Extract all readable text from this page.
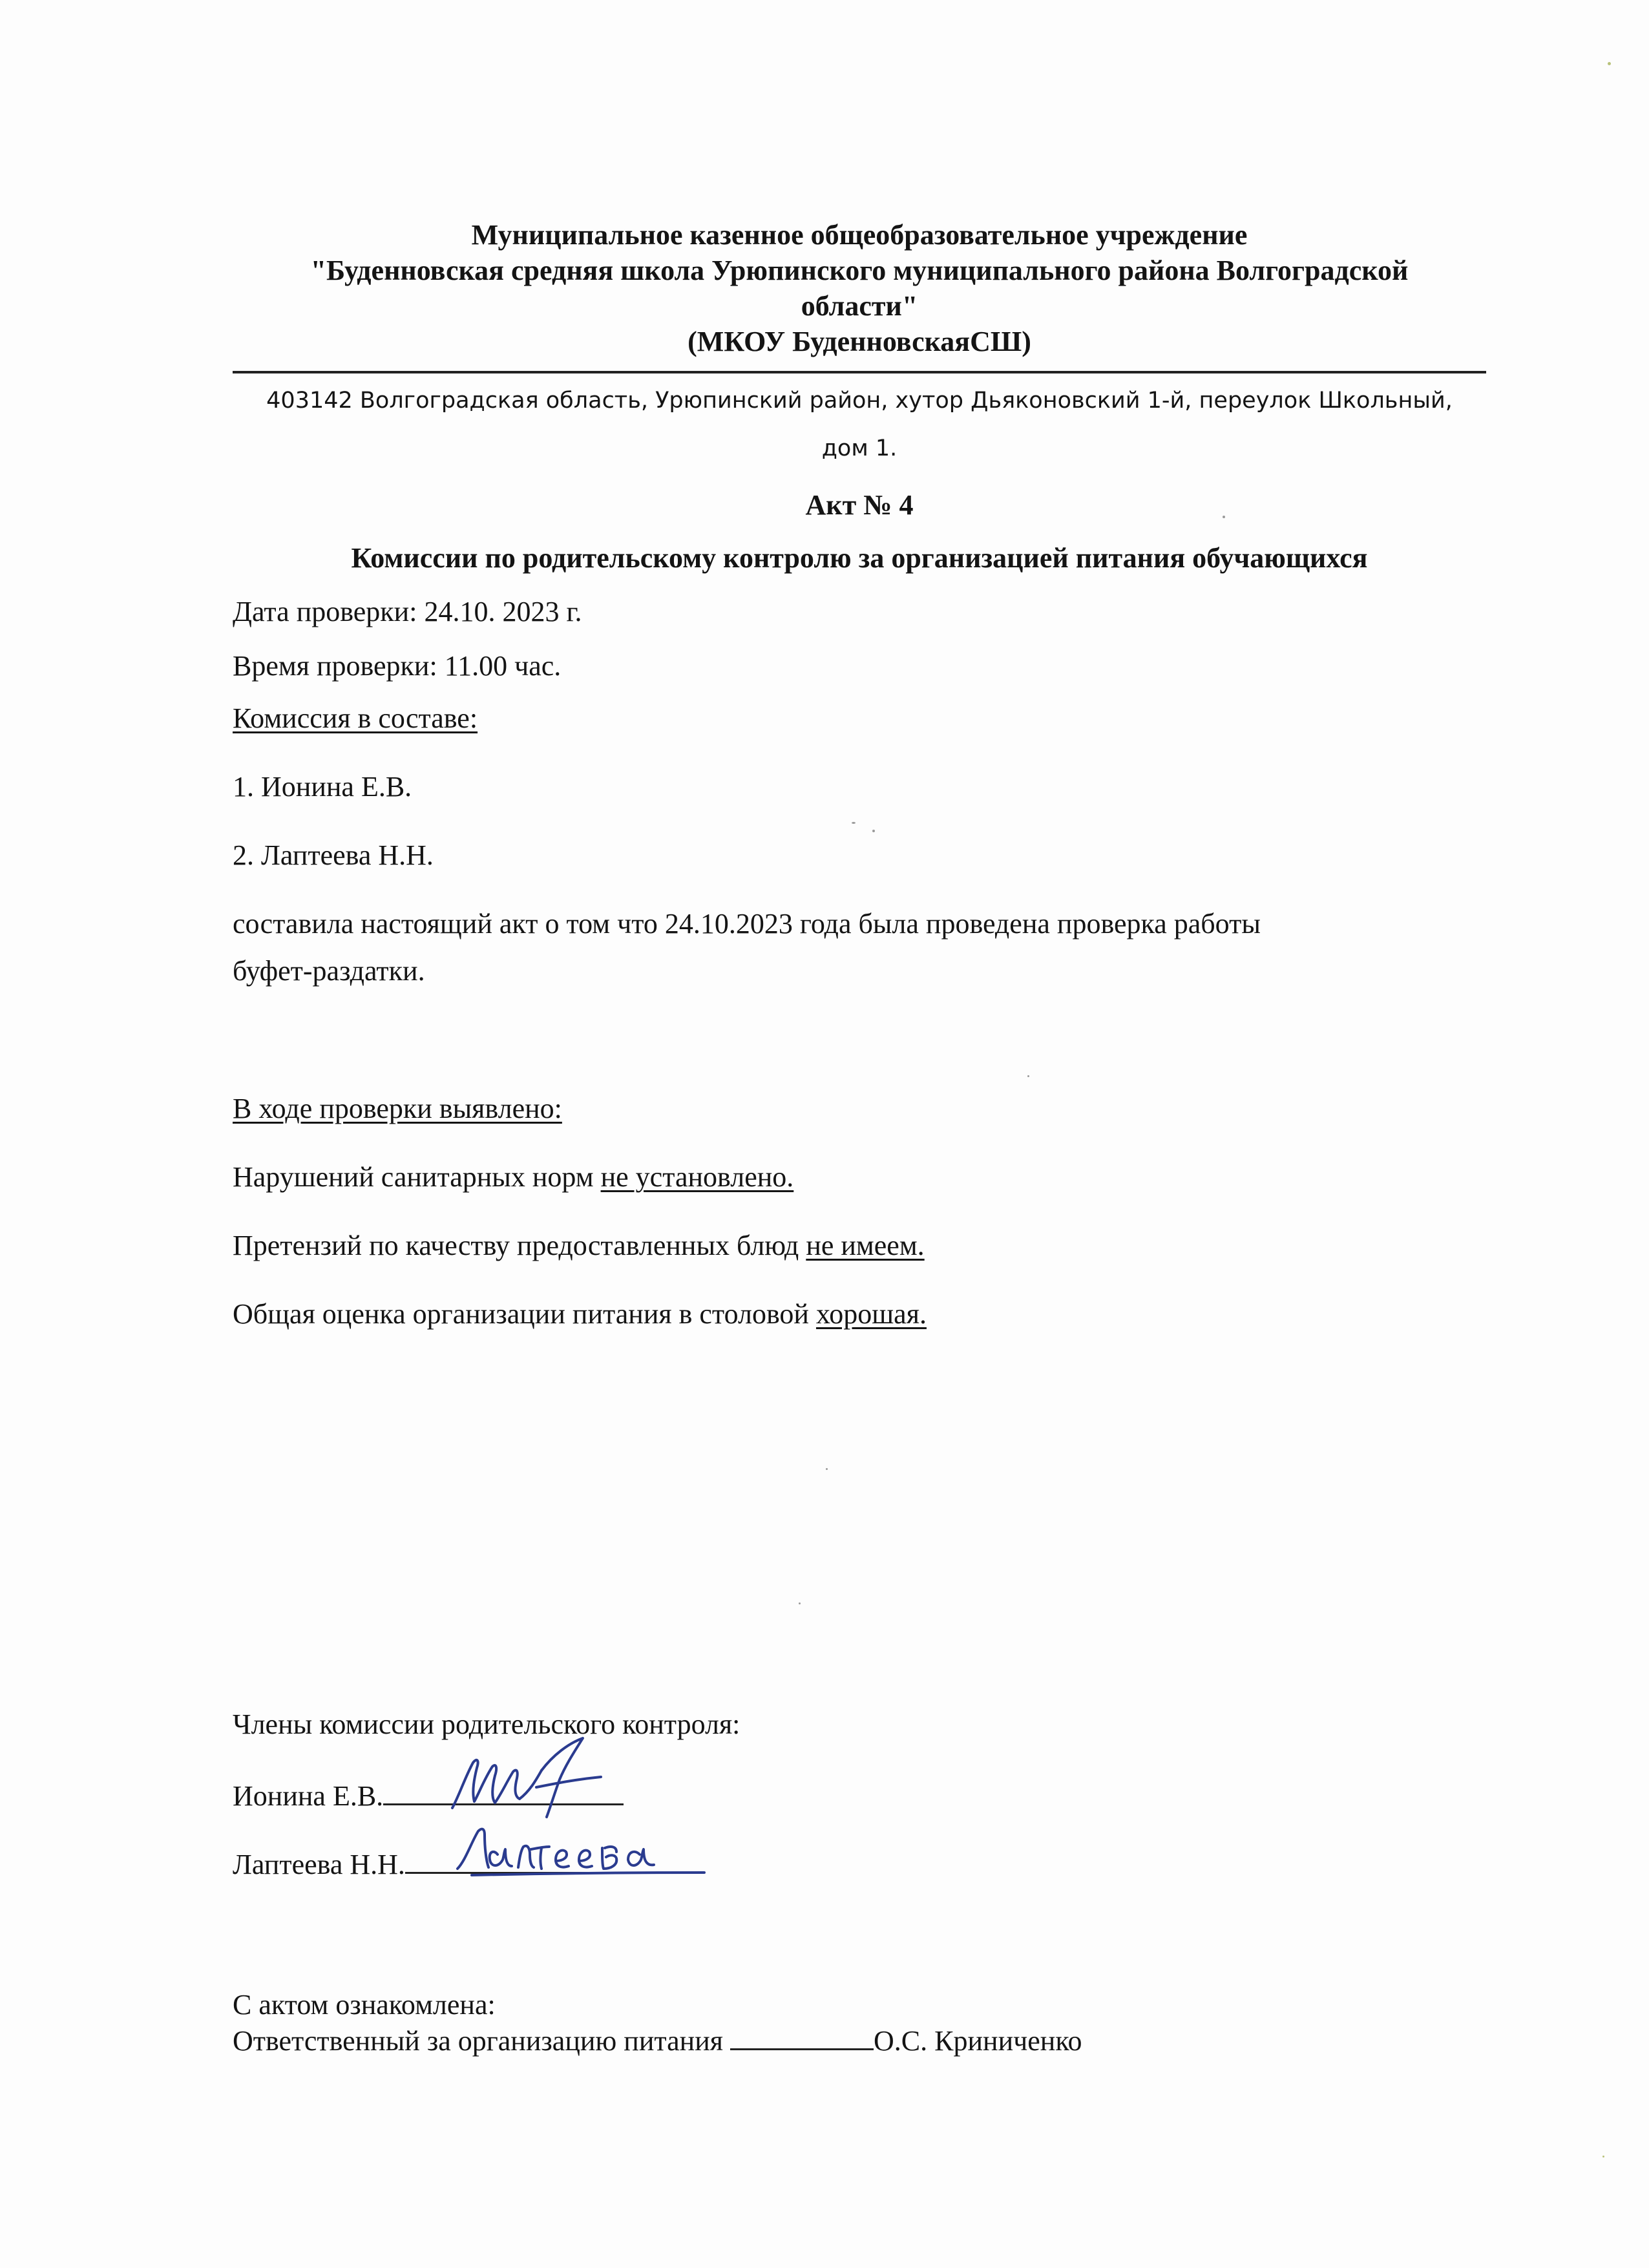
Муниципальное казенное общеобразовательное учреждение
"Буденновская средняя школа Урюпинского муниципального района Волгоградской
области"
(МКОУ БуденновскаяСШ)
403142 Волгоградская область, Урюпинский район, хутор Дьяконовский 1-й, переулок Школьный,
дом 1.
Акт № 4
Комиссии по родительскому контролю за организацией питания обучающихся
Дата проверки: 24.10. 2023 г.
Время проверки: 11.00 час.
Комиссия в составе:
1. Ионина Е.В.
2. Лаптеева Н.Н.
составила настоящий акт о том что 24.10.2023 года была проведена проверка работы
буфет-раздатки.
В ходе проверки выявлено:
Нарушений санитарных норм не установлено.
Претензий по качеству предоставленных блюд не имеем.
Общая оценка организации питания в столовой хорошая.
Члены комиссии родительского контроля:
Ионина Е.В.
Лаптеева Н.Н.
С актом ознакомлена:
Ответственный за организацию питания	О.С. Криниченко
